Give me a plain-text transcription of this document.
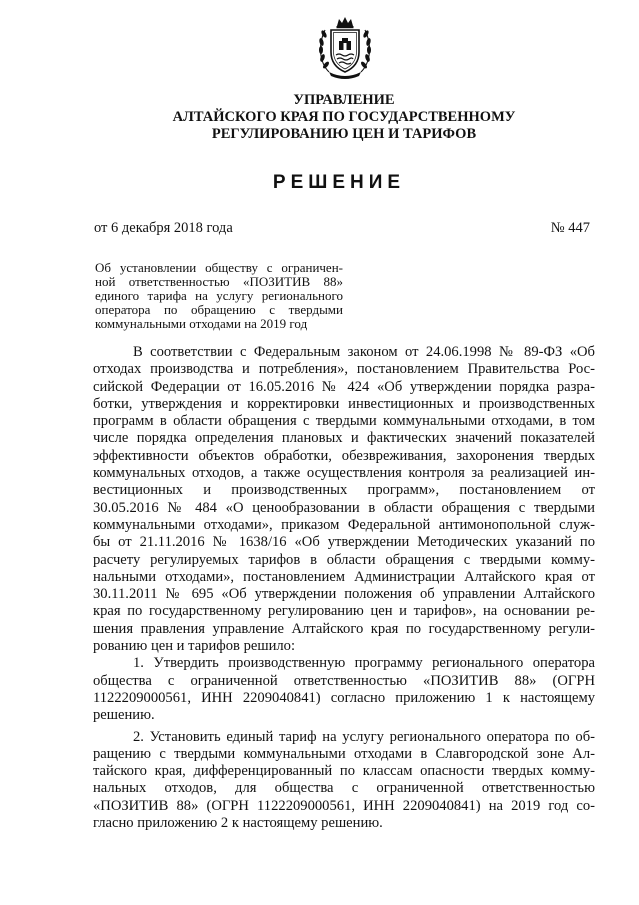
УПРАВЛЕНИЕ
АЛТАЙСКОГО КРАЯ ПО ГОСУДАРСТВЕННОМУ
РЕГУЛИРОВАНИЮ ЦЕН И ТАРИФОВ
РЕШЕНИЕ
от 6 декабря 2018 года	№ 447
Об установлении обществу с ограничен-
ной ответственностью «ПОЗИТИВ 88»
единого тарифа на услугу регионального
оператора по обращению с твердыми
коммунальными отходами на 2019 год
В соответствии с Федеральным законом от 24.06.1998 № 89-ФЗ «Об
отходах производства и потребления», постановлением Правительства Рос-
сийской Федерации от 16.05.2016 № 424 «Об утверждении порядка разра-
ботки, утверждения и корректировки инвестиционных и производственных
программ в области обращения с твердыми коммунальными отходами, в том
числе порядка определения плановых и фактических значений показателей
эффективности объектов обработки, обезвреживания, захоронения твердых
коммунальных отходов, а также осуществления контроля за реализацией ин-
вестиционных и производственных программ», постановлением от
30.05.2016 № 484 «О ценообразовании в области обращения с твердыми
коммунальными отходами», приказом Федеральной антимонопольной служ-
бы от 21.11.2016 № 1638/16 «Об утверждении Методических указаний по
расчету регулируемых тарифов в области обращения с твердыми комму-
нальными отходами», постановлением Администрации Алтайского края от
30.11.2011 № 695 «Об утверждении положения об управлении Алтайского
края по государственному регулированию цен и тарифов», на основании ре-
шения правления управление Алтайского края по государственному регули-
рованию цен и тарифов решило:
1. Утвердить производственную программу регионального оператора
общества с ограниченной ответственностью «ПОЗИТИВ 88» (ОГРН
1122209000561, ИНН 2209040841) согласно приложению 1 к настоящему
решению.
2. Установить единый тариф на услугу регионального оператора по об-
ращению с твердыми коммунальными отходами в Славгородской зоне Ал-
тайского края, дифференцированный по классам опасности твердых комму-
нальных отходов, для общества с ограниченной ответственностью
«ПОЗИТИВ 88» (ОГРН 1122209000561, ИНН 2209040841) на 2019 год со-
гласно приложению 2 к настоящему решению.
